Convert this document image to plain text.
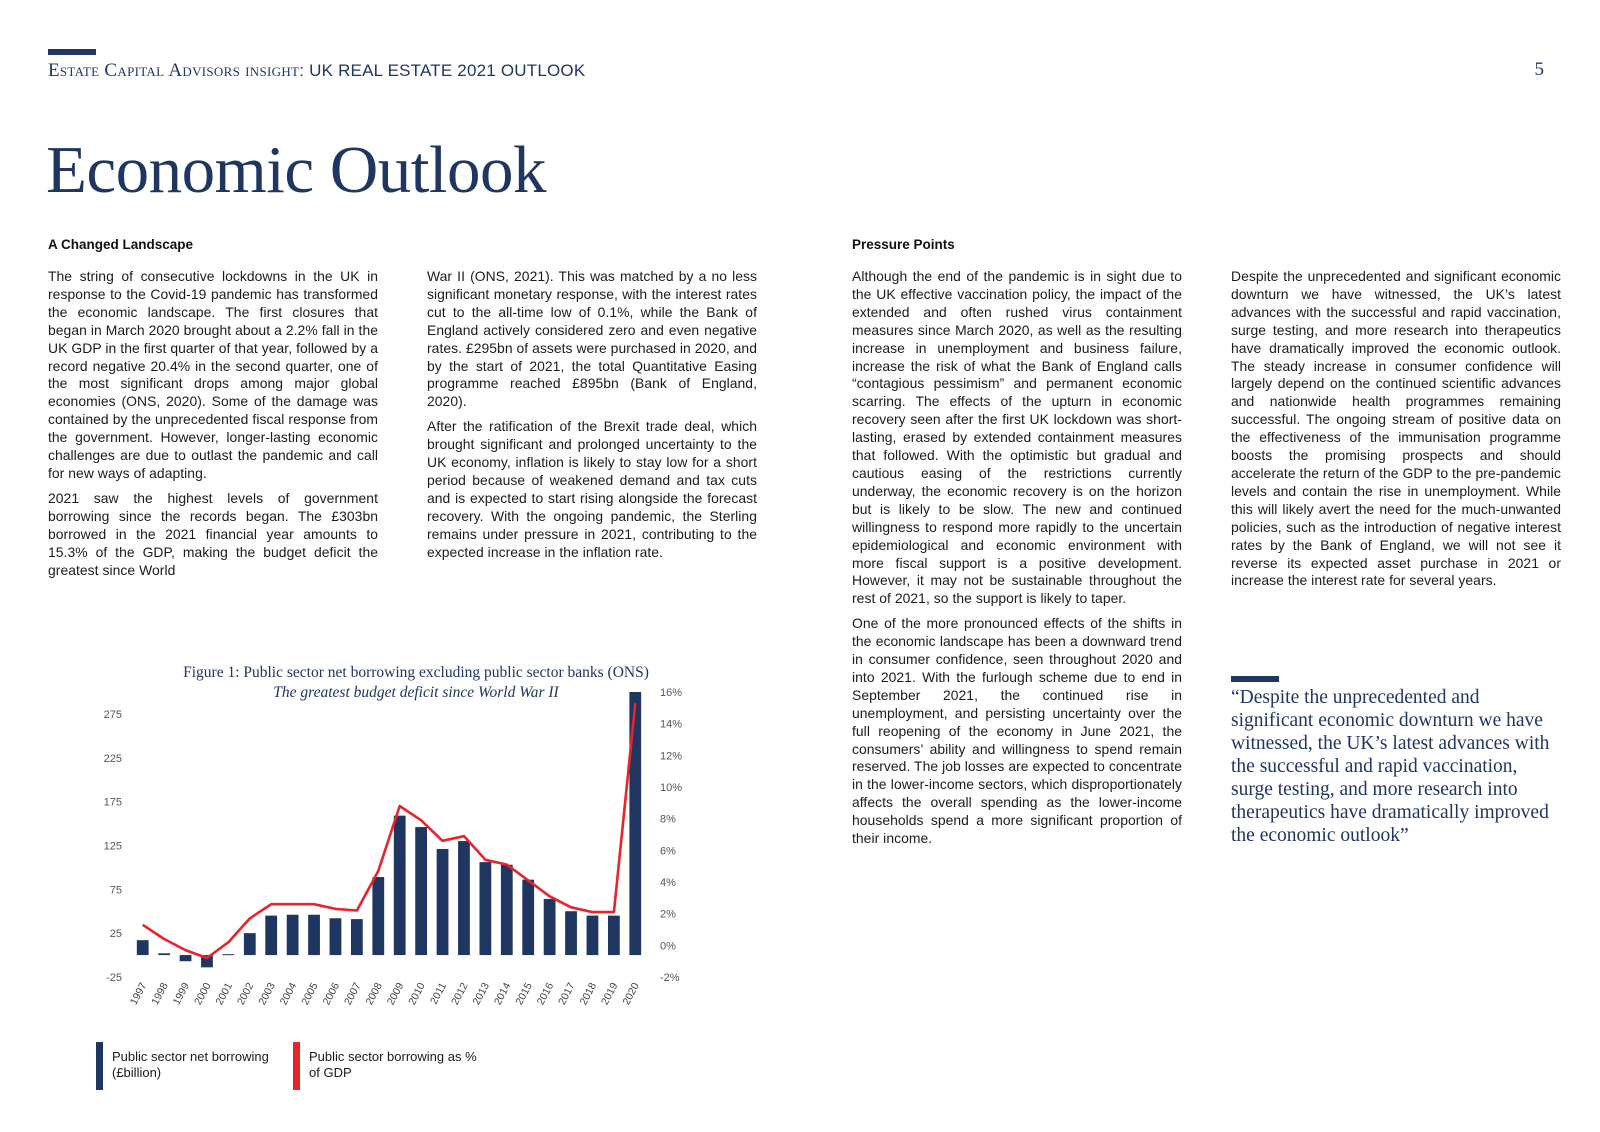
Estate Capital Advisors insight: UK REAL ESTATE 2021 OUTLOOK	5
Economic Outlook
A Changed Landscape	Pressure Points

The string of consecutive lockdowns in the UK in response to the Covid-19 pandemic has transformed the economic landscape. The first closures that began in March 2020 brought about a 2.2% fall in the UK GDP in the first quarter of that year, followed by a record negative 20.4% in the second quarter, one of the most significant drops among major global economies (ONS, 2020). Some of the damage was contained by the unprecedented fiscal response from the government. However, longer-lasting economic challenges are due to outlast the pandemic and call for new ways of adapting.

2021 saw the highest levels of government borrowing since the records began. The £303bn borrowed in the 2021 financial year amounts to 15.3% of the GDP, making the budget deficit the greatest since World

War II (ONS, 2021). This was matched by a no less significant monetary response, with the interest rates cut to the all-time low of 0.1%, while the Bank of England actively considered zero and even negative rates. £295bn of assets were purchased in 2020, and by the start of 2021, the total Quantitative Easing programme reached £895bn (Bank of England, 2020).

After the ratification of the Brexit trade deal, which brought significant and prolonged uncertainty to the UK economy, inflation is likely to stay low for a short period because of weakened demand and tax cuts and is expected to start rising alongside the forecast recovery. With the ongoing pandemic, the Sterling remains under pressure in 2021, contributing to the expected increase in the inflation rate.

Although the end of the pandemic is in sight due to the UK effective vaccination policy, the impact of the extended and often rushed virus containment measures since March 2020, as well as the resulting increase in unemployment and business failure, increase the risk of what the Bank of England calls “contagious pessimism” and permanent economic scarring. The effects of the upturn in economic recovery seen after the first UK lockdown was short-lasting, erased by extended containment measures that followed. With the optimistic but gradual and cautious easing of the restrictions currently underway, the economic recovery is on the horizon but is likely to be slow. The new and continued willingness to respond more rapidly to the uncertain epidemiological and economic environment with more fiscal support is a positive development. However, it may not be sustainable throughout the rest of 2021, so the support is likely to taper.

One of the more pronounced effects of the shifts in the economic landscape has been a downward trend in consumer confidence, seen throughout 2020 and into 2021. With the furlough scheme due to end in September 2021, the continued rise in unemployment, and persisting uncertainty over the full reopening of the economy in June 2021, the consumers’ ability and willingness to spend remain reserved. The job losses are expected to concentrate in the lower-income sectors, which disproportionately affects the overall spending as the lower-income households spend a more significant proportion of their income.

Despite the unprecedented and significant economic downturn we have witnessed, the UK’s latest advances with the successful and rapid vaccination, surge testing, and more research into therapeutics have dramatically improved the economic outlook. The steady increase in consumer confidence will largely depend on the continued scientific advances and nationwide health programmes remaining successful. The ongoing stream of positive data on the effectiveness of the immunisation programme boosts the promising prospects and should accelerate the return of the GDP to the pre-pandemic levels and contain the rise in unemployment. While this will likely avert the need for the much-unwanted policies, such as the introduction of negative interest rates by the Bank of England, we will not see it reverse its expected asset purchase in 2021 or increase the interest rate for several years.

“Despite the unprecedented and significant economic downturn we have witnessed, the UK’s latest advances with the successful and rapid vaccination, surge testing, and more research into therapeutics have dramatically improved the economic outlook”
Figure 1: Public sector net borrowing excluding public sector banks (ONS)
The greatest budget deficit since World War II
-25
25
75
125
175
225
275
-2%
0%
2%
4%
6%
8%
10%
12%
14%
16%
1997 1998 1999 2000 2001 2002 2003 2004 2005 2006 2007 2008 2009 2010 2011 2012 2013 2014 2015 2016 2017 2018 2019 2020
Public sector net borrowing (£billion)
Public sector borrowing as % of GDP
